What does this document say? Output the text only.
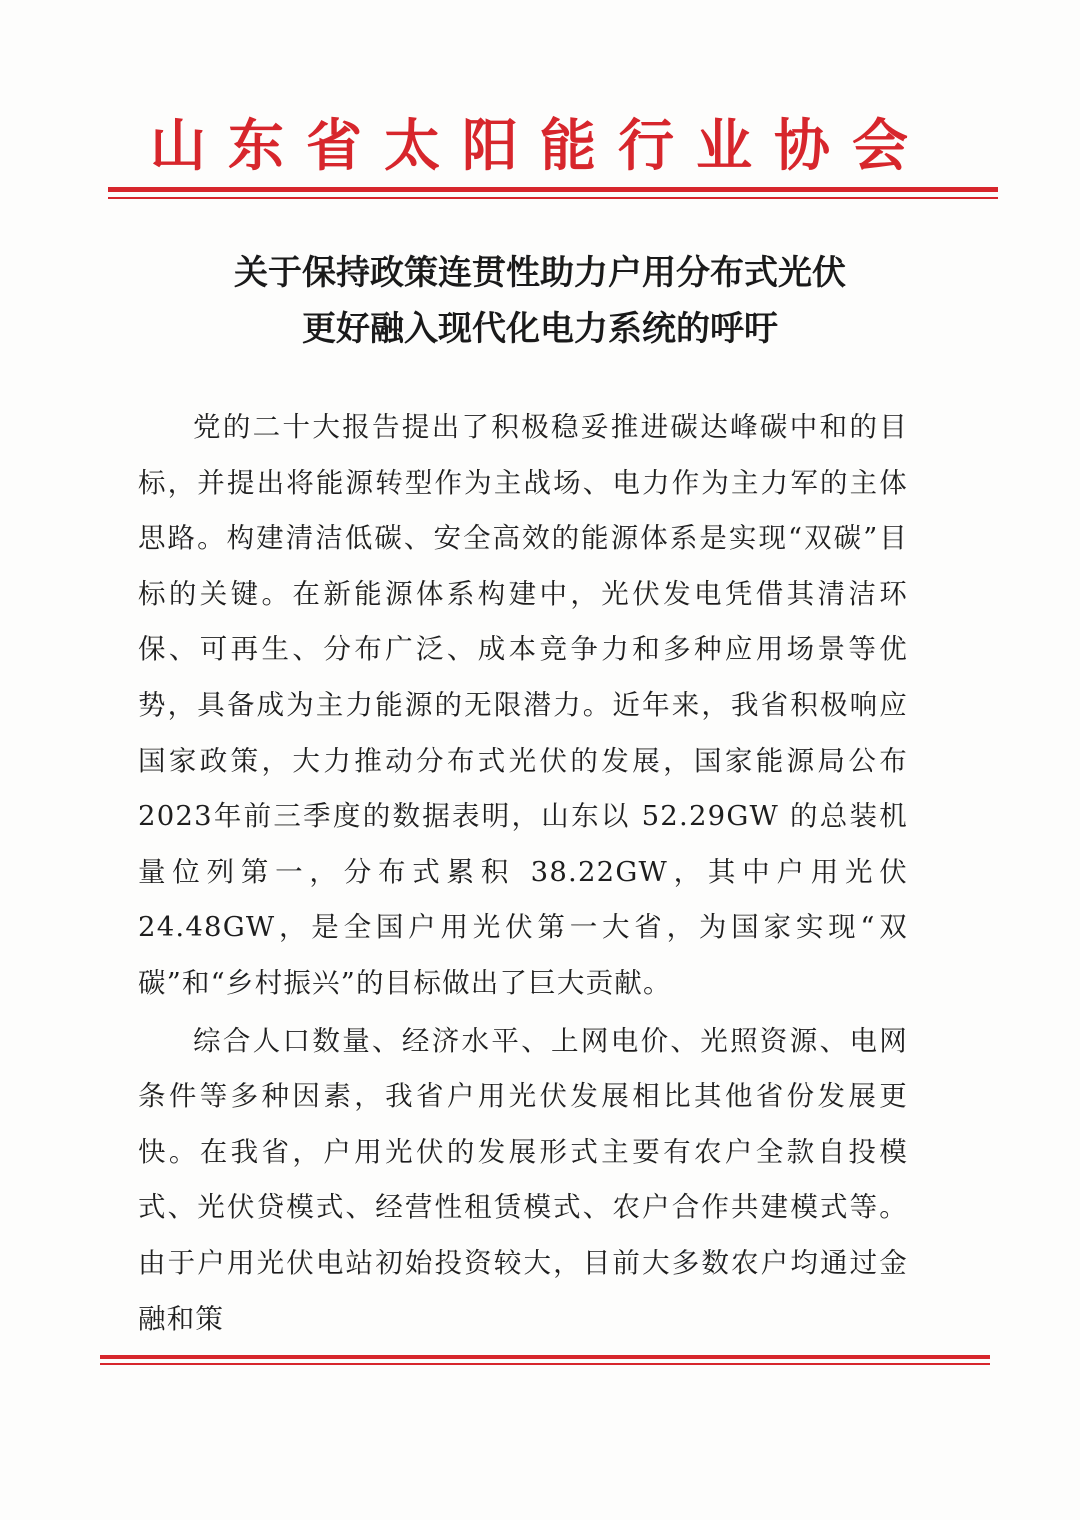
山东省太阳能行业协会
关于保持政策连贯性助力户用分布式光伏
更好融入现代化电力系统的呼吁

党的二十大报告提出了积极稳妥推进碳达峰碳中和的目标，并提出将能源转型作为主战场、电力作为主力军的主体思路。构建清洁低碳、安全高效的能源体系是实现“双碳”目标的关键。在新能源体系构建中，光伏发电凭借其清洁环保、可再生、分布广泛、成本竞争力和多种应用场景等优势，具备成为主力能源的无限潜力。近年来，我省积极响应国家政策，大力推动分布式光伏的发展，国家能源局公布 2023年前三季度的数据表明，山东以 52.29GW 的总装机量位列第一，分布式累积 38.22GW，其中户用光伏 24.48GW，是全国户用光伏第一大省，为国家实现“双碳”和“乡村振兴”的目标做出了巨大贡献。

综合人口数量、经济水平、上网电价、光照资源、电网条件等多种因素，我省户用光伏发展相比其他省份发展更快。在我省，户用光伏的发展形式主要有农户全款自投模式、光伏贷模式、经营性租赁模式、农户合作共建模式等。由于户用光伏电站初始投资较大，目前大多数农户均通过金融和策
